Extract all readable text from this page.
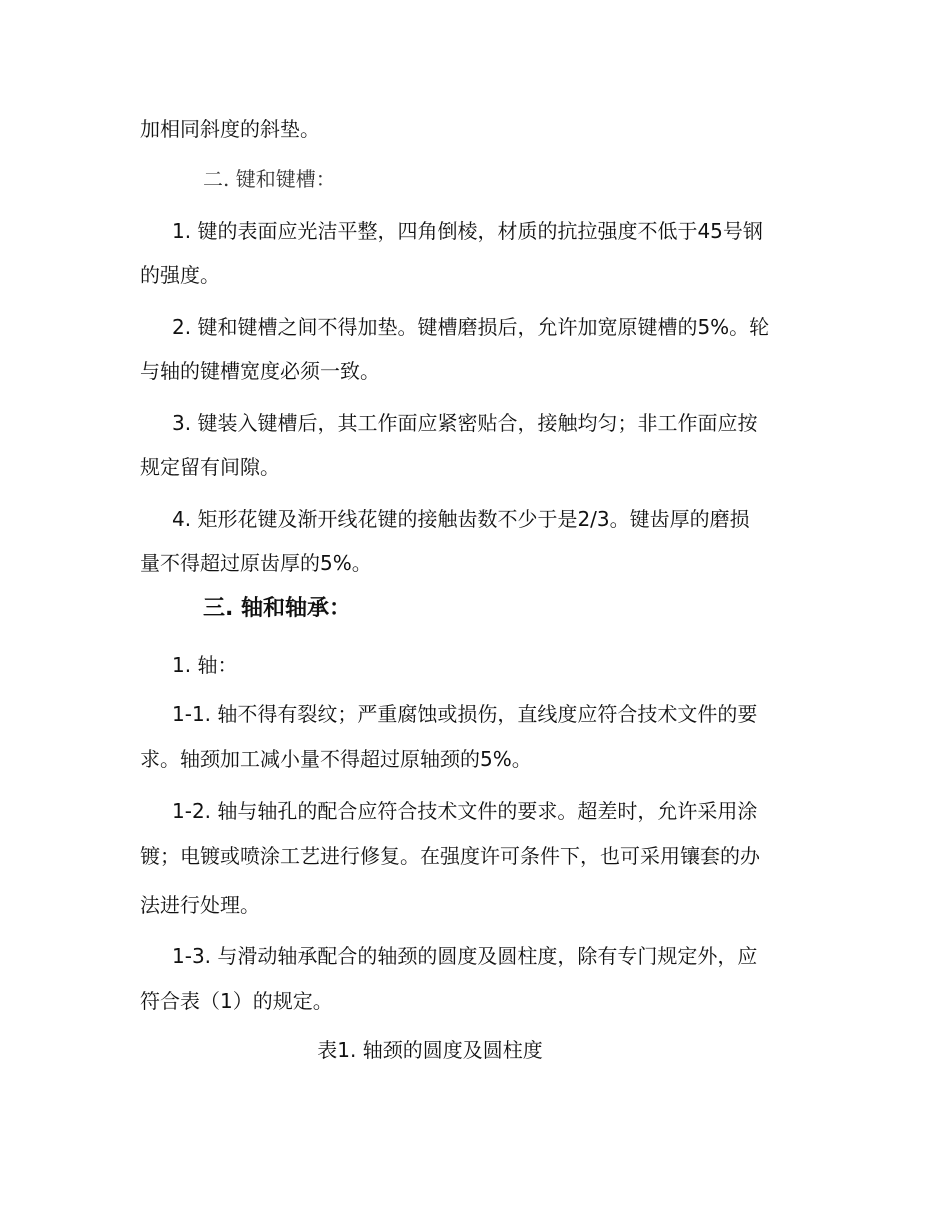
加相同斜度的斜垫。
二. 键和键槽：
1. 键的表面应光洁平整，四角倒棱，材质的抗拉强度不低于45号钢
的强度。
2. 键和键槽之间不得加垫。键槽磨损后，允许加宽原键槽的5%。轮
与轴的键槽宽度必须一致。
3. 键装入键槽后，其工作面应紧密贴合，接触均匀；非工作面应按
规定留有间隙。
4. 矩形花键及渐开线花键的接触齿数不少于是2/3。键齿厚的磨损
量不得超过原齿厚的5%。
三. 轴和轴承：
1. 轴：
1-1. 轴不得有裂纹；严重腐蚀或损伤，直线度应符合技术文件的要
求。轴颈加工减小量不得超过原轴颈的5%。
1-2. 轴与轴孔的配合应符合技术文件的要求。超差时，允许采用涂
镀；电镀或喷涂工艺进行修复。在强度许可条件下，也可采用镶套的办
法进行处理。
1-3. 与滑动轴承配合的轴颈的圆度及圆柱度，除有专门规定外，应
符合表（1）的规定。
表1. 轴颈的圆度及圆柱度
